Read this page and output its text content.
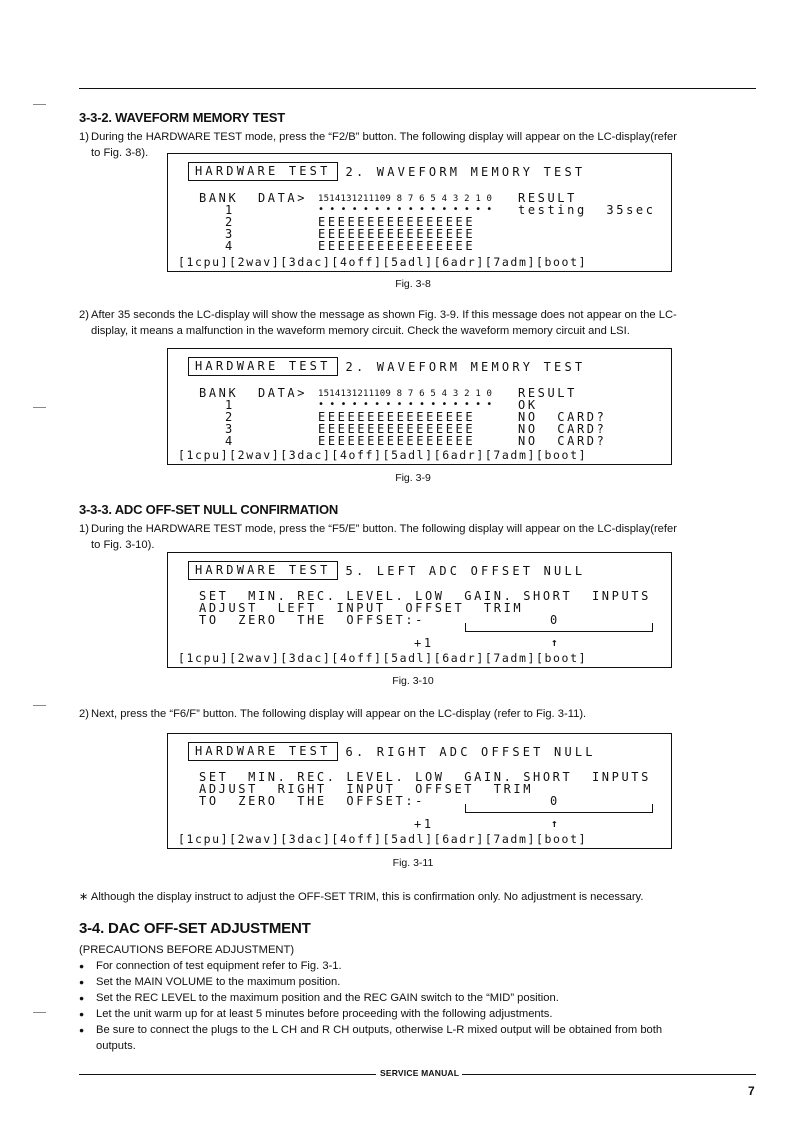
3-3-2. WAVEFORM MEMORY TEST

1) During the HARDWARE TEST mode, press the “F2/B” button. The following display will appear on the LC-display(refer
to Fig. 3-8).

HARDWARE TEST	2. WAVEFORM MEMORY TEST
BANK  DATA> 1514131211109 8 7 6 5 4 3 2 1 0 RESULT
1	•••••••••••••••• testing  35sec
2	EEEEEEEEEEEEEEEE
3	EEEEEEEEEEEEEEEE
4	EEEEEEEEEEEEEEEE
[1cpu][2wav][3dac][4off][5adl][6adr][7adm][boot]
Fig. 3-8

2) After 35 seconds the LC-display will show the message as shown Fig. 3-9. If this message does not appear on the LC-
display, it means a malfunction in the waveform memory circuit. Check the waveform memory circuit and LSI.

HARDWARE TEST	2. WAVEFORM MEMORY TEST
BANK  DATA> 1514131211109 8 7 6 5 4 3 2 1 0 RESULT
1	•••••••••••••••• OK
2	EEEEEEEEEEEEEEEE	NO  CARD?
3	EEEEEEEEEEEEEEEE	NO  CARD?
4	EEEEEEEEEEEEEEEE	NO  CARD?
[1cpu][2wav][3dac][4off][5adl][6adr][7adm][boot]
Fig. 3-9
3-3-3. ADC OFF-SET NULL CONFIRMATION

1) During the HARDWARE TEST mode, press the “F5/E” button. The following display will appear on the LC-display(refer
to Fig. 3-10).

HARDWARE TEST	5. LEFT ADC OFFSET NULL
SET  MIN. REC. LEVEL. LOW  GAIN. SHORT  INPUTS
ADJUST  LEFT  INPUT  OFFSET  TRIM
TO  ZERO  THE  OFFSET:-	0
+1	↑
[1cpu][2wav][3dac][4off][5adl][6adr][7adm][boot]
Fig. 3-10

2) Next, press the “F6/F” button. The following display will appear on the LC-display (refer to Fig. 3-11).

HARDWARE TEST	6. RIGHT ADC OFFSET NULL
SET  MIN. REC. LEVEL. LOW  GAIN. SHORT  INPUTS
ADJUST  RIGHT  INPUT  OFFSET  TRIM
TO  ZERO  THE  OFFSET:-	0
+1	↑
[1cpu][2wav][3dac][4off][5adl][6adr][7adm][boot]
Fig. 3-11

∗ Although the display instruct to adjust the OFF-SET TRIM, this is confirmation only. No adjustment is necessary.

3-4. DAC OFF-SET ADJUSTMENT

(PRECAUTIONS BEFORE ADJUSTMENT)

● For connection of test equipment refer to Fig. 3-1.
● Set the MAIN VOLUME to the maximum position.
● Set the REC LEVEL to the maximum position and the REC GAIN switch to the “MID” position.
● Let the unit warm up for at least 5 minutes before proceeding with the following adjustments.
● Be sure to connect the plugs to the L CH and R CH outputs, otherwise L-R mixed output will be obtained from both
outputs.
SERVICE MANUAL
7
